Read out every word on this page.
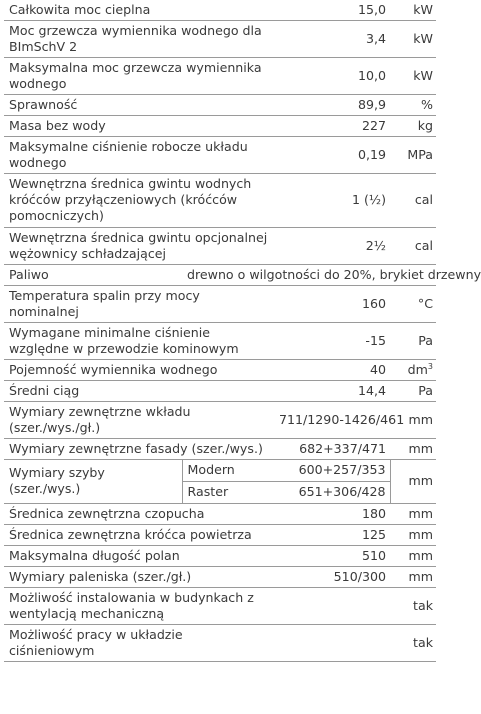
Całkowita moc cieplna		15,0	kW
Moc grzewcza wymiennika wodnego dla BImSchV 2		3,4	kW
Maksymalna moc grzewcza wymiennika wodnego		10,0	kW
Sprawność		89,9	%
Masa bez wody		227	kg
Maksymalne ciśnienie robocze układu wodnego		0,19	MPa
Wewnętrzna średnica gwintu wodnych króćców przyłączeniowych (króćców pomocniczych)		1 (½)	cal
Wewnętrzna średnica gwintu opcjonalnej wężownicy schładzającej		2½	cal
Paliwo	drewno o wilgotności do 20%, brykiet drzewny		
Temperatura spalin przy mocy nominalnej		160	°C
Wymagane minimalne ciśnienie względne w przewodzie kominowym		-15	Pa
Pojemność wymiennika wodnego		40	$dm^3$
Średni ciąg		14,4	Pa
Wymiary zewnętrzne wkładu (szer./wys./gł.)		711/1290-1426/461	mm
Wymiary zewnętrzne fasady (szer./wys.)		682+337/471	mm
Wymiary szyby (szer./wys.)	Modern	600+257/353	mm
	Raster	651+306/428	
Średnica zewnętrzna czopucha		180	mm
Średnica zewnętrzna króćca powietrza		125	mm
Maksymalna długość polan		510	mm
Wymiary paleniska (szer./gł.)		510/300	mm
Możliwość instalowania w budynkach z wentylacją mechaniczną			tak
Możliwość pracy w układzie ciśnieniowym			tak
